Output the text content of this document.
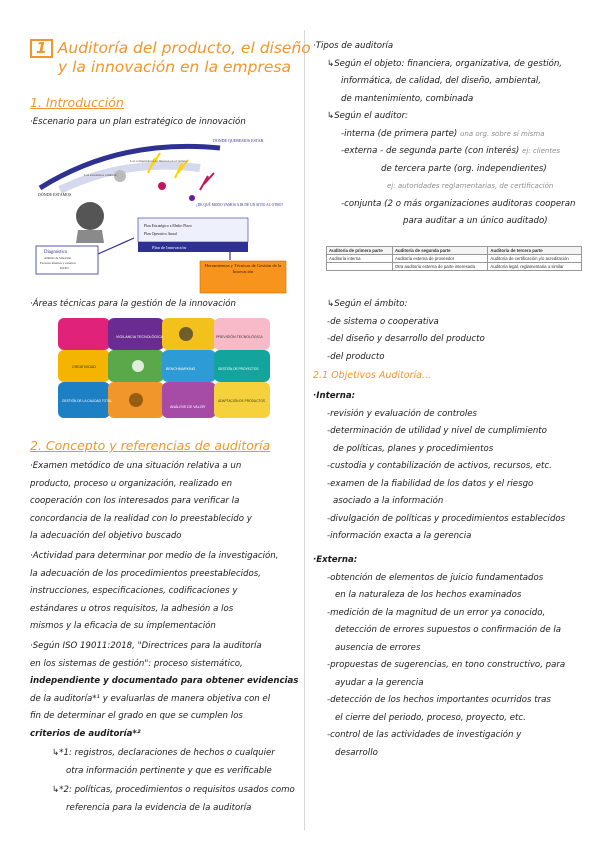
1 Auditoría del producto, el diseño
y la innovación en la empresa
1. Introducción
·Escenario para un plan estratégico de innovación
DONDE QUEREMOS ESTAR
Los competidores se mueven en el tiempo
Los escenarios cambian
DÓNDE ESTAMOS
¿DE QUÉ MODO VAMOS A IR DE UN SITIO AL OTRO?
Plan Estratégico a Medio Plazo
Plan Operativo Anual
Plan de Innovación
Diagnóstico
Análisis de Situación
Factores internos y externos
DAFO	Herramientas y Técnicas de Gestión de la Innovación
·Áreas técnicas para la gestión de la innovación
VIGILANCIA TECNOLÓGICA	PREVISIÓN TECNOLÓGICA
CREATIVIDAD	BENCHMARKING	GESTIÓN DE PROYECTOS
GESTIÓN DE LA CALIDAD TOTAL
ANÁLISIS DE VALOR
ADAPTACIÓN DE PRODUCTOS
2. Concepto y referencias de auditoría
·Examen metódico de una situación relativa a un
producto, proceso u organización, realizado en
cooperación con los interesados para verificar la
concordancia de la realidad con lo preestablecido y
la adecuación del objetivo buscado
·Actividad para determinar por medio de la investigación,
la adecuación de los procedimientos preestablecidos,
instrucciones, especificaciones, codificaciones y
estándares u otros requisitos, la adhesión a los
mismos y la eficacia de su implementación
·Según ISO 19011:2018, "Directrices para la auditoría
en los sistemas de gestión": proceso sistemático,
independiente y documentado para obtener evidencias
de la auditoría*¹ y evaluarlas de manera objetiva con el
fin de determinar el grado en que se cumplen los
criterios de auditoría*²
↳*1: registros, declaraciones de hechos o cualquier
otra información pertinente y que es verificable
↳*2: políticas, procedimientos o requisitos usados como
referencia para la evidencia de la auditoría
·Tipos de auditoría
↳Según el objeto: financiera, organizativa, de gestión,
informática, de calidad, del diseño, ambiental,
de mantenimiento, combinada
↳Según el auditor:
-interna (de primera parte) una org. sobre sí misma
-externa - de segunda parte (con interés) ej: clientes
de tercera parte (org. independientes)
ej: autoridades reglamentarias, de certificación
-conjunta (2 o más organizaciones auditoras cooperan
para auditar a un único auditado)
Auditoría de primera parte	Auditoría de segunda parte	Auditoría de tercera parte
Auditoría interna	Auditoría externa de proveedor	Auditoría de certificación y/o acreditación
	Otra auditoría externa de parte interesada	Auditoría legal, reglamentaria o similar
↳Según el ámbito:
-de sistema o cooperativa
-del diseño y desarrollo del producto
-del producto
2.1 Objetivos Auditoría...
·Interna:
-revisión y evaluación de controles
-determinación de utilidad y nivel de cumplimiento
de políticas, planes y procedimientos
-custodia y contabilización de activos, recursos, etc.
-examen de la fiabilidad de los datos y el riesgo
asociado a la información
-divulgación de políticas y procedimientos establecidos
-información exacta a la gerencia
·Externa:
-obtención de elementos de juicio fundamentados
en la naturaleza de los hechos examinados
-medición de la magnitud de un error ya conocido,
detección de errores supuestos o confirmación de la
ausencia de errores
-propuestas de sugerencias, en tono constructivo, para
ayudar a la gerencia
-detección de los hechos importantes ocurridos tras
el cierre del periodo, proceso, proyecto, etc.
-control de las actividades de investigación y
desarrollo
